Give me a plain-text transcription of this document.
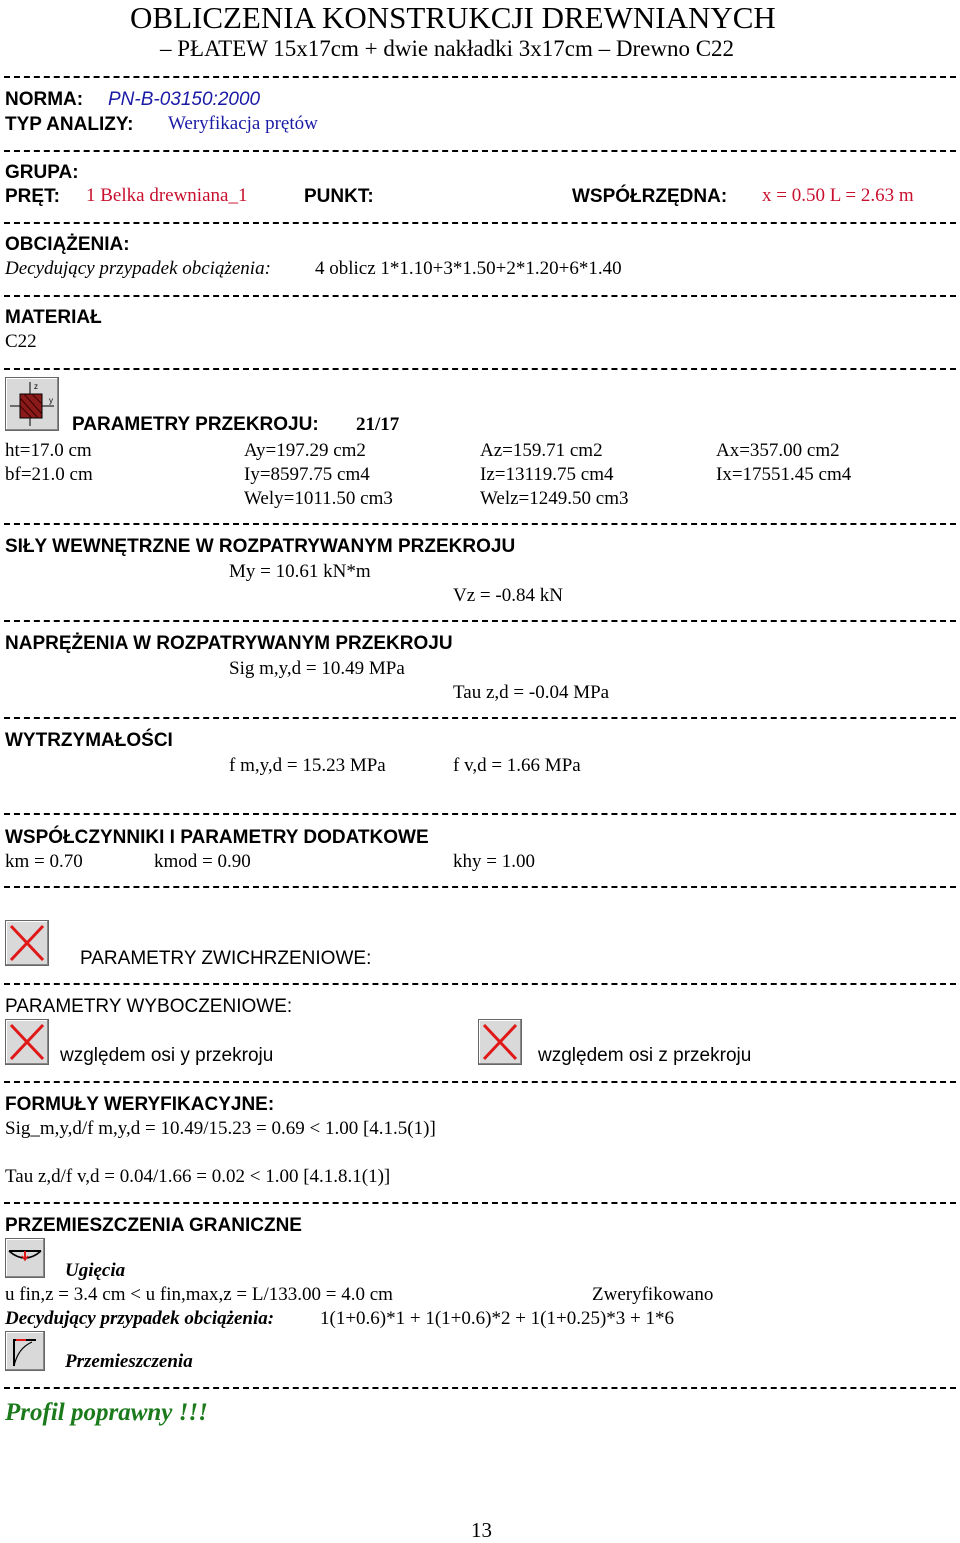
OBLICZENIA KONSTRUKCJI DREWNIANYCH
– PŁATEW 15x17cm + dwie nakładki 3x17cm – Drewno C22
NORMA: PN-B-03150:2000
TYP ANALIZY: Weryfikacja prętów
GRUPA:
PRĘT: 1 Belka drewniana_1	PUNKT:	WSPÓŁRZĘDNA: x = 0.50 L = 2.63 m
OBCIĄŻENIA:
Decydujący przypadek obciążenia: 4 oblicz 1*1.10+3*1.50+2*1.20+6*1.40
MATERIAŁ
C22
z
y
PARAMETRY PRZEKROJU: 21/17
ht=17.0 cm	Ay=197.29 cm2	Az=159.71 cm2	Ax=357.00 cm2
bf=21.0 cm	Iy=8597.75 cm4	Iz=13119.75 cm4	Ix=17551.45 cm4
Wely=1011.50 cm3	Welz=1249.50 cm3
SIŁY WEWNĘTRZNE W ROZPATRYWANYM PRZEKROJU
My = 10.61 kN*m
Vz = -0.84 kN
NAPRĘŻENIA W ROZPATRYWANYM PRZEKROJU
Sig m,y,d = 10.49 MPa
Tau z,d = -0.04 MPa
WYTRZYMAŁOŚCI
f m,y,d = 15.23 MPa	f v,d = 1.66 MPa
WSPÓŁCZYNNIKI I PARAMETRY DODATKOWE
km = 0.70	kmod = 0.90	khy = 1.00
PARAMETRY ZWICHRZENIOWE:
PARAMETRY WYBOCZENIOWE:
względem osi y przekroju	względem osi z przekroju
FORMUŁY WERYFIKACYJNE:
Sig_m,y,d/f m,y,d = 10.49/15.23 = 0.69 < 1.00 [4.1.5(1)]
Tau z,d/f v,d = 0.04/1.66 = 0.02 < 1.00 [4.1.8.1(1)]
PRZEMIESZCZENIA GRANICZNE
Ugięcia
u fin,z = 3.4 cm < u fin,max,z = L/133.00 = 4.0 cm	Zweryfikowano
Decydujący przypadek obciążenia: 1(1+0.6)*1 + 1(1+0.6)*2 + 1(1+0.25)*3 + 1*6
Przemieszczenia
Profil poprawny !!!
13
